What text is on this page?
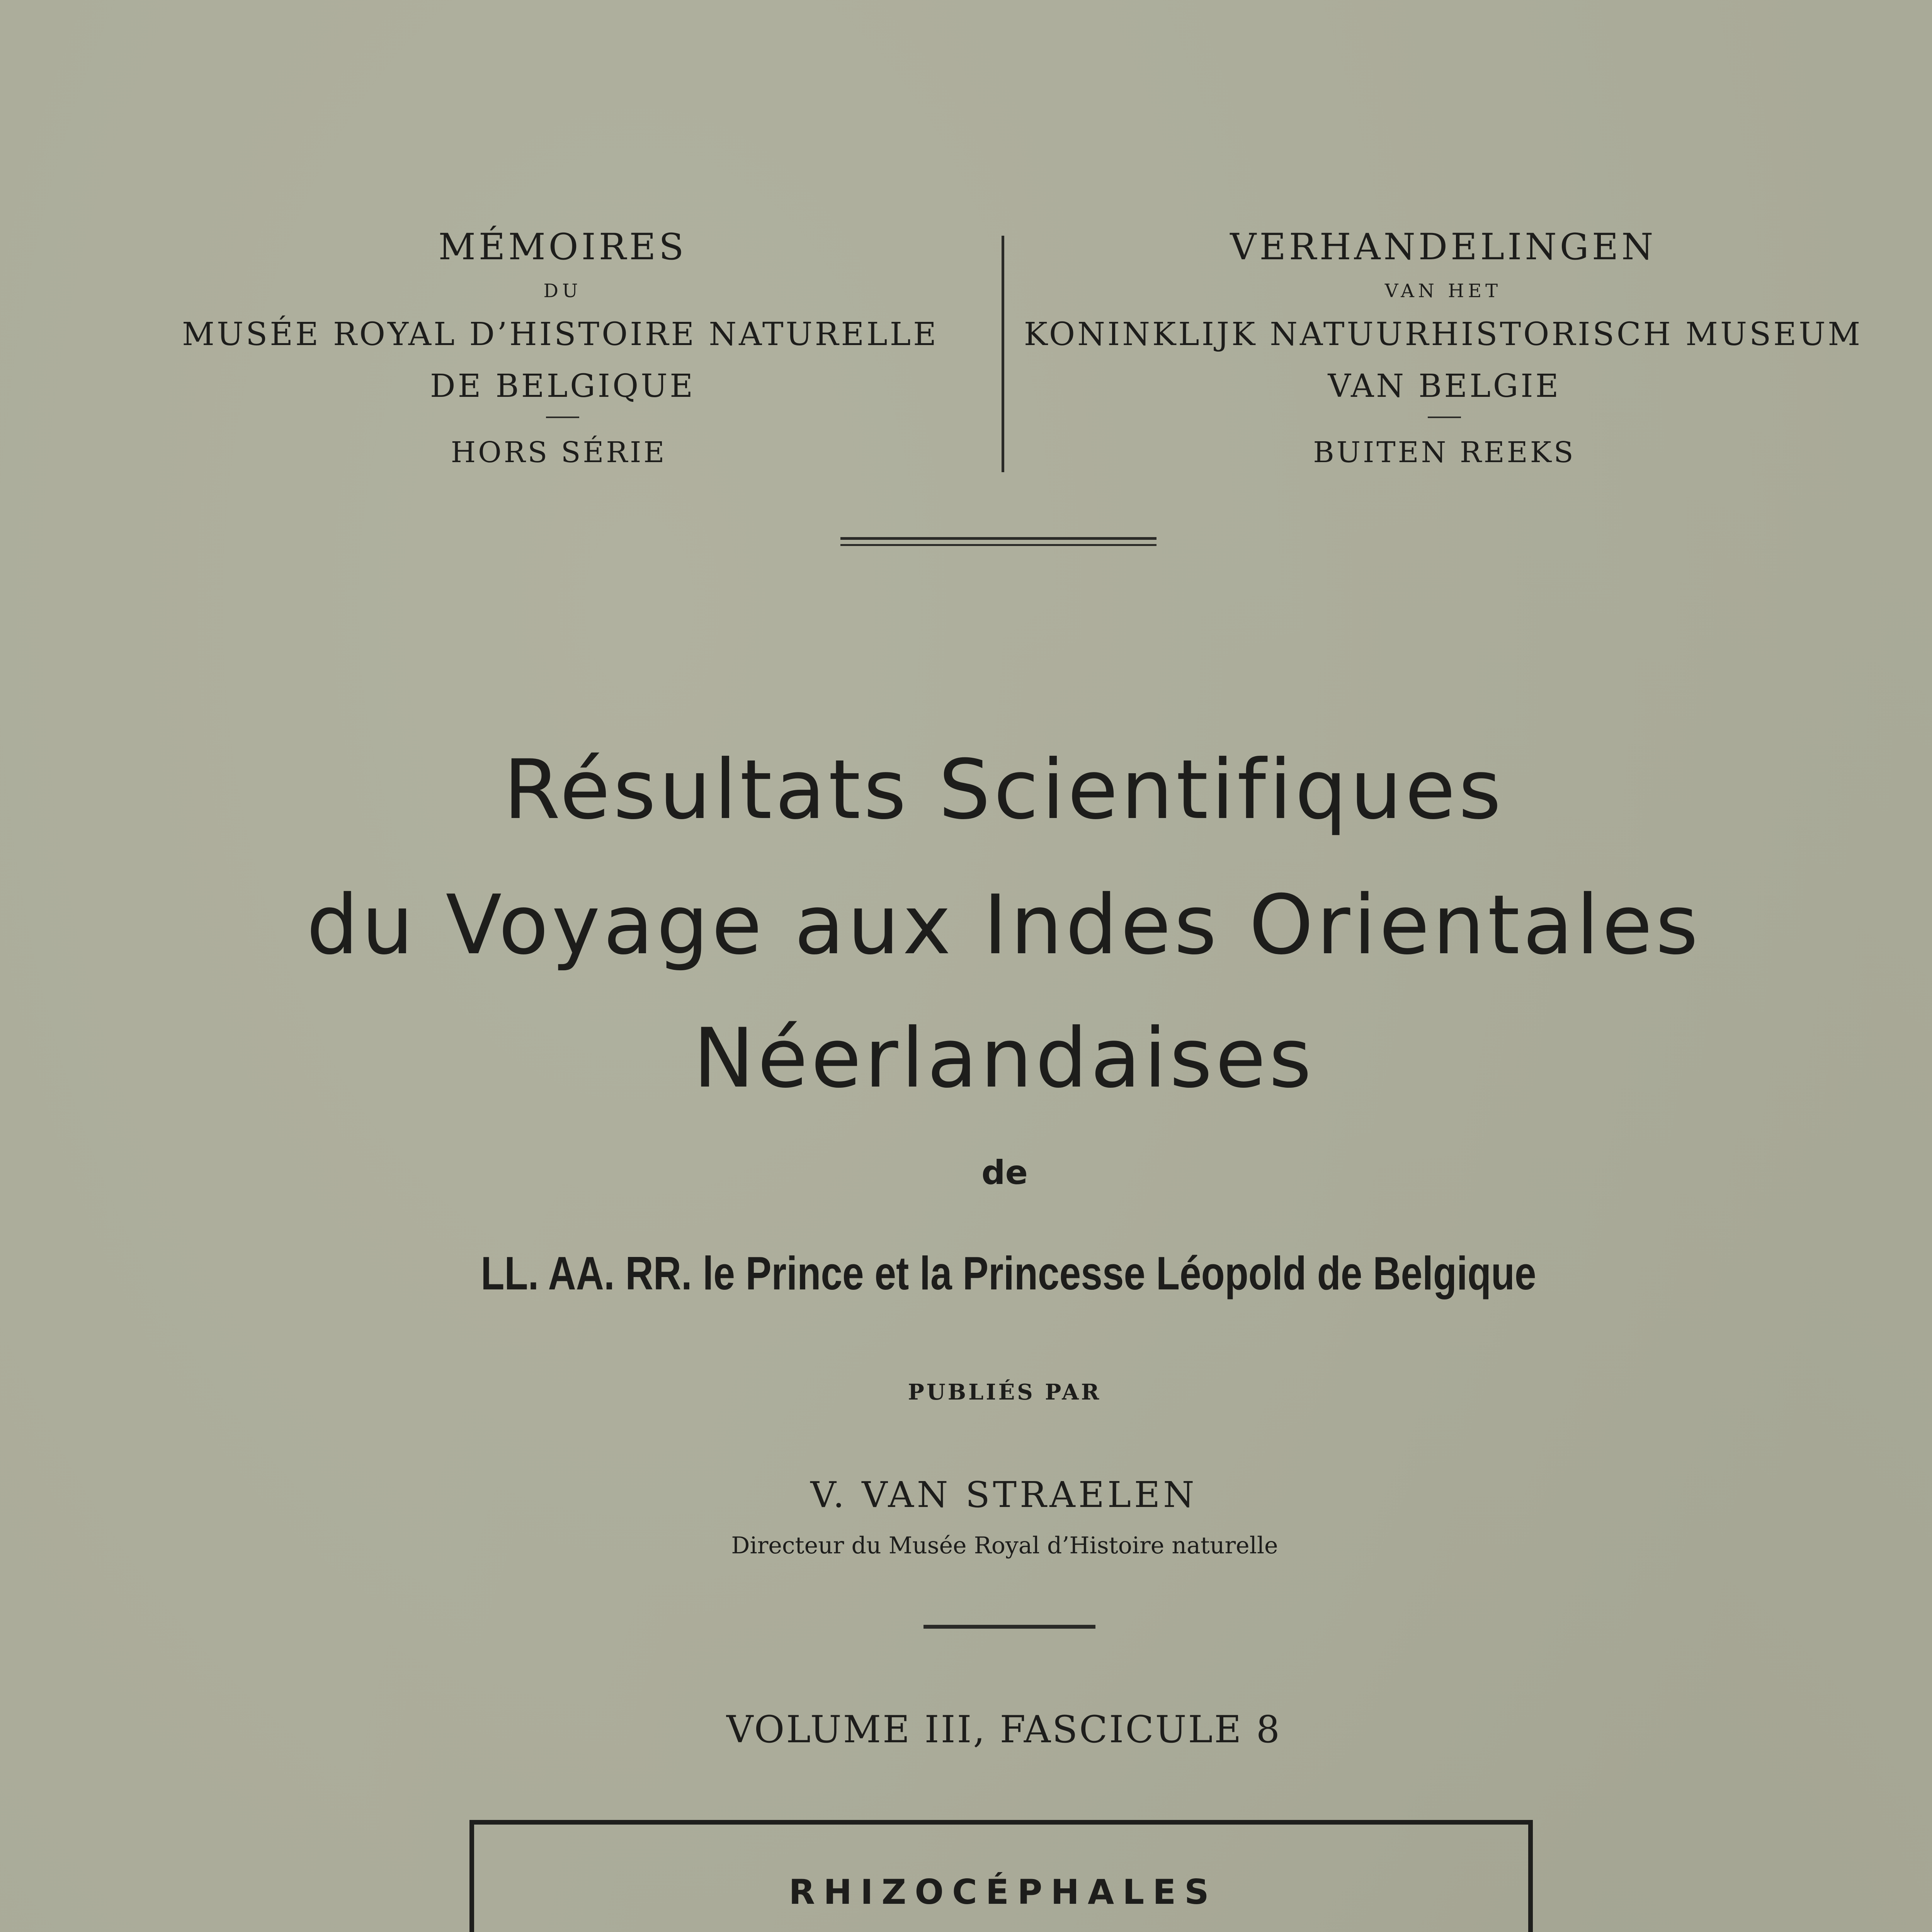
MÉMOIRES
DU
MUSÉE ROYAL D’HISTOIRE NATURELLE
DE BELGIQUE
HORS SÉRIE
VERHANDELINGEN
VAN HET
KONINKLIJK NATUURHISTORISCH MUSEUM
VAN BELGIE
BUITEN REEKS
Résultats Scientifiques
du Voyage aux Indes Orientales
Néerlandaises
de
LL. AA. RR. le Prince et la Princesse Léopold de Belgique
PUBLIÉS PAR
V. VAN STRAELEN
Directeur du Musée Royal d’Histoire naturelle
VOLUME III, FASCICULE 8
RHIZOCÉPHALES
